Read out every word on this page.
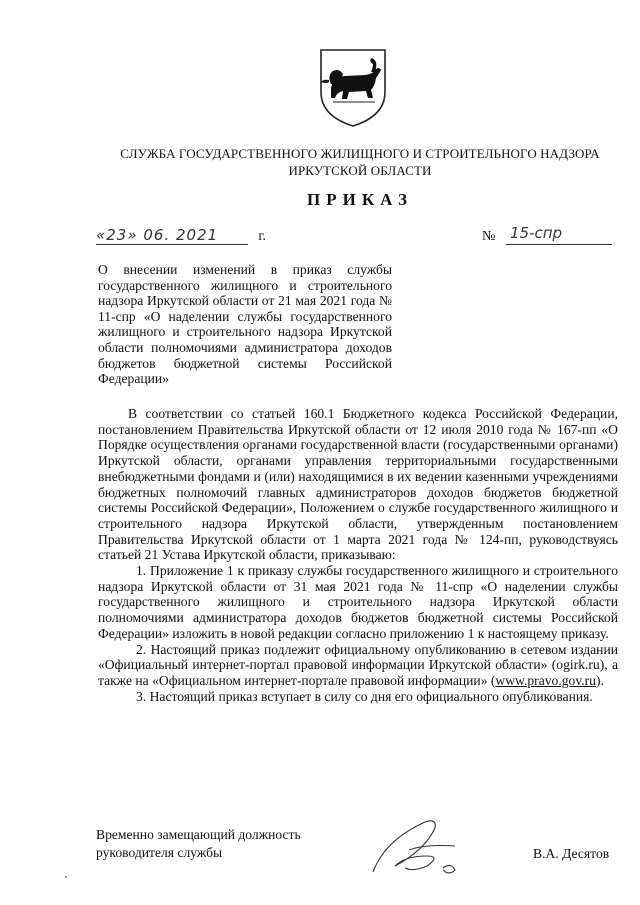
СЛУЖБА ГОСУДАРСТВЕННОГО ЖИЛИЩНОГО И СТРОИТЕЛЬНОГО НАДЗОРА
ИРКУТСКОЙ ОБЛАСТИ
ПРИКАЗ
«23» 06. 2021	г.	№ 15-спр
О внесении изменений в приказ службы государственного жилищного и строительного надзора Иркутской области от 21 мая 2021 года № 11-спр «О наделении службы государственного жилищного и строительного надзора Иркутской области полномочиями администратора доходов бюджетов бюджетной системы Российской Федерации»

В соответствии со статьей 160.1 Бюджетного кодекса Российской Федерации, постановлением Правительства Иркутской области от 12 июля 2010 года № 167-пп «О Порядке осуществления органами государственной власти (государственными органами) Иркутской области, органами управления территориальными государственными внебюджетными фондами и (или) находящимися в их ведении казенными учреждениями бюджетных полномочий главных администраторов доходов бюджетов бюджетной системы Российской Федерации», Положением о службе государственного жилищного и строительного надзора Иркутской области, утвержденным постановлением Правительства Иркутской области от 1 марта 2021 года № 124-пп, руководствуясь статьей 21 Устава Иркутской области, приказываю:

1. Приложение 1 к приказу службы государственного жилищного и строительного надзора Иркутской области от 31 мая 2021 года № 11-спр «О наделении службы государственного жилищного и строительного надзора Иркутской области полномочиями администратора доходов бюджетов бюджетной системы Российской Федерации» изложить в новой редакции согласно приложению 1 к настоящему приказу.

2. Настоящий приказ подлежит официальному опубликованию в сетевом издании «Официальный интернет-портал правовой информации Иркутской области» (ogirk.ru), а также на «Официальном интернет-портале правовой информации» (www.pravo.gov.ru).

3. Настоящий приказ вступает в силу со дня его официального опубликования.

Временно замещающий должность
руководителя службы	В.А. Десятов
